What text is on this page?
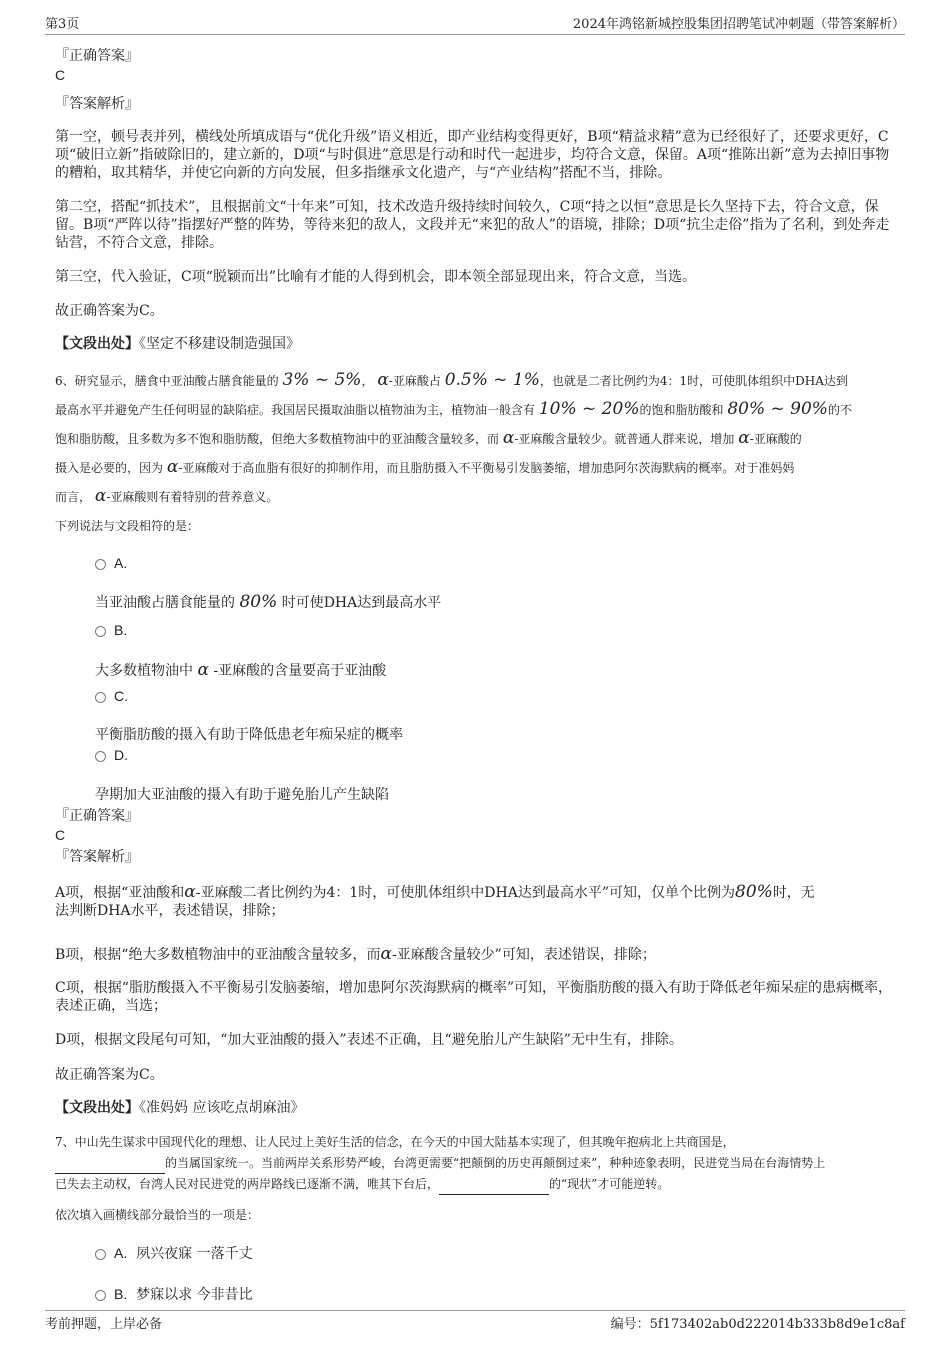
第3页	2024年鸿铭新城控股集团招聘笔试冲刺题（带答案解析）
『正确答案』
C
『答案解析』
第一空，顿号表并列，横线处所填成语与“优化升级”语义相近，即产业结构变得更好，B项“精益求精”意为已经很好了，还要求更好，C项“破旧立新”指破除旧的，建立新的，D项“与时俱进”意思是行动和时代一起进步，均符合文意，保留。A项“推陈出新”意为去掉旧事物的糟粕，取其精华，并使它向新的方向发展，但多指继承文化遗产，与“产业结构”搭配不当，排除。
第二空，搭配“抓技术”，且根据前文“十年来”可知，技术改造升级持续时间较久，C项“持之以恒”意思是长久坚持下去，符合文意，保留。B项“严阵以待”指摆好严整的阵势，等待来犯的敌人，文段并无“来犯的敌人”的语境，排除；D项“抗尘走俗”指为了名利，到处奔走钻营，不符合文意，排除。
第三空，代入验证，C项“脱颖而出”比喻有才能的人得到机会，即本领全部显现出来，符合文意，当选。
故正确答案为C。
【文段出处】《坚定不移建设制造强国》
6、研究显示，膳食中亚油酸占膳食能量的 3% ~ 5%， α-亚麻酸占 0.5% ~ 1%，也就是二者比例约为4：1时，可使肌体组织中DHA达到
最高水平并避免产生任何明显的缺陷症。我国居民摄取油脂以植物油为主，植物油一般含有 10% ~ 20%的饱和脂肪酸和 80% ~ 90%的不
饱和脂肪酸，且多数为多不饱和脂肪酸，但绝大多数植物油中的亚油酸含量较多，而 α-亚麻酸含量较少。就普通人群来说，增加 α-亚麻酸的
摄入是必要的，因为 α-亚麻酸对于高血脂有很好的抑制作用，而且脂肪摄入不平衡易引发脑萎缩，增加患阿尔茨海默病的概率。对于准妈妈
而言， α-亚麻酸则有着特别的营养意义。
下列说法与文段相符的是：
A.
当亚油酸占膳食能量的 80% 时可使DHA达到最高水平
B.
大多数植物油中 α -亚麻酸的含量要高于亚油酸
C.
平衡脂肪酸的摄入有助于降低患老年痴呆症的概率
D.
孕期加大亚油酸的摄入有助于避免胎儿产生缺陷
『正确答案』
C
『答案解析』
A项，根据“亚油酸和α-亚麻酸二者比例约为4：1时，可使肌体组织中DHA达到最高水平”可知，仅单个比例为80%时，无
法判断DHA水平，表述错误，排除；
B项，根据“绝大多数植物油中的亚油酸含量较多，而α-亚麻酸含量较少”可知，表述错误，排除；
C项，根据“脂肪酸摄入不平衡易引发脑萎缩，增加患阿尔茨海默病的概率”可知，平衡脂肪酸的摄入有助于降低老年痴呆症的患病概率，表述正确，当选；
D项，根据文段尾句可知，“加大亚油酸的摄入”表述不正确，且“避免胎儿产生缺陷”无中生有，排除。
故正确答案为C。
【文段出处】《准妈妈 应该吃点胡麻油》
7、中山先生谋求中国现代化的理想、让人民过上美好生活的信念，在今天的中国大陆基本实现了，但其晚年抱病北上共商国是，
的当属国家统一。当前两岸关系形势严峻，台湾更需要“把颠倒的历史再颠倒过来”，种种迹象表明，民进党当局在台海情势上
已失去主动权，台湾人民对民进党的两岸路线已逐渐不满，唯其下台后，	的“现状”才可能逆转。
依次填入画横线部分最恰当的一项是：
A. 夙兴夜寐 一落千丈
B. 梦寐以求 今非昔比
考前押题，上岸必备	编号：5f173402ab0d222014b333b8d9e1c8af
